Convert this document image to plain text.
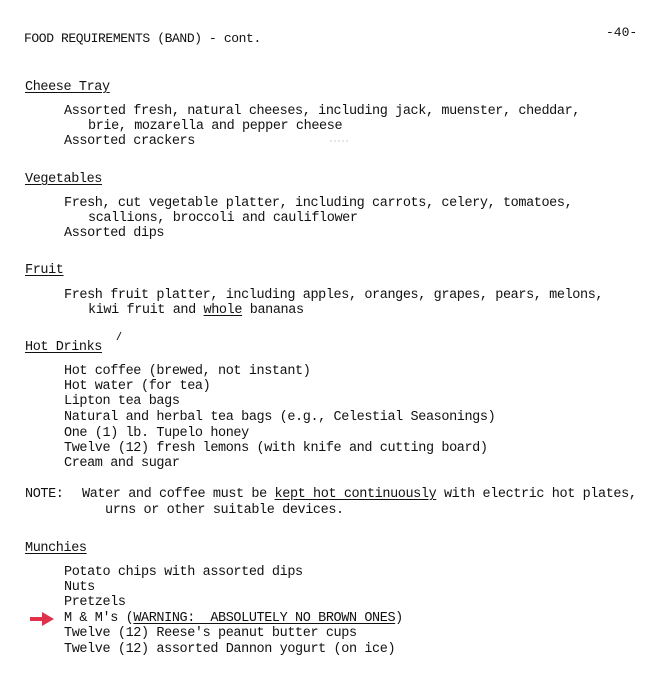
FOOD REQUIREMENTS (BAND) - cont.	-40-
Cheese Tray
Assorted fresh, natural cheeses, including jack, muenster, cheddar,
brie, mozarella and pepper cheese
Assorted crackers
Vegetables
Fresh, cut vegetable platter, including carrots, celery, tomatoes,
scallions, broccoli and cauliflower
Assorted dips
Fruit
Fresh fruit platter, including apples, oranges, grapes, pears, melons,
kiwi fruit and whole bananas
Hot Drinks
Hot coffee (brewed, not instant)
Hot water (for tea)
Lipton tea bags
Natural and herbal tea bags (e.g., Celestial Seasonings)
One (1) lb. Tupelo honey
Twelve (12) fresh lemons (with knife and cutting board)
Cream and sugar
NOTE: Water and coffee must be kept hot continuously with electric hot plates,
urns or other suitable devices.
Munchies
Potato chips with assorted dips
Nuts
Pretzels
M & M's (WARNING:  ABSOLUTELY NO BROWN ONES)
Twelve (12) Reese's peanut butter cups
Twelve (12) assorted Dannon yogurt (on ice)
